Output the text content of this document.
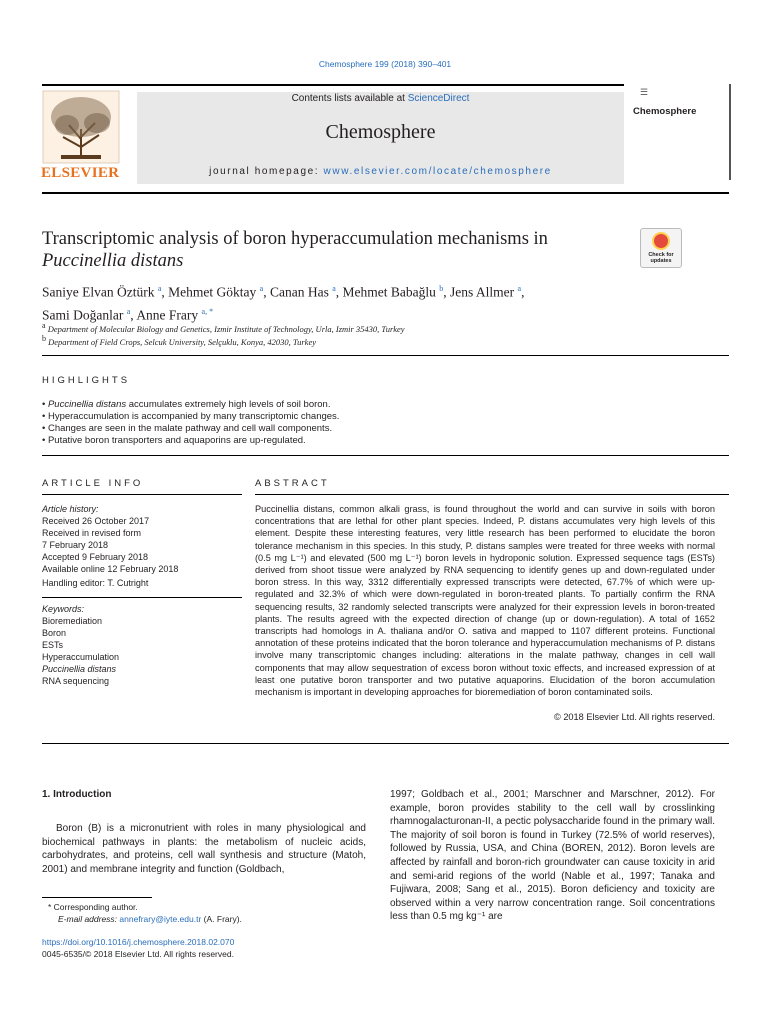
Chemosphere 199 (2018) 390–401
ELSEVIER
Contents lists available at ScienceDirect
Chemosphere
journal homepage: www.elsevier.com/locate/chemosphere
☰
Chemosphere
Transcriptomic analysis of boron hyperaccumulation mechanisms in
Puccinellia distans	Check for updates
Saniye Elvan Öztürk $^a$, Mehmet Göktay $^a$, Canan Has $^a$, Mehmet Babağlu $^b$, Jens Allmer $^a$,
Sami Doğanlar $^a$, Anne Frary $^{a, *}$
$^a$ Department of Molecular Biology and Genetics, Izmir Institute of Technology, Urla, Izmir 35430, Turkey
$^b$ Department of Field Crops, Selcuk University, Selçuklu, Konya, 42030, Turkey
HIGHLIGHTS
• Puccinellia distans accumulates extremely high levels of soil boron.
• Hyperaccumulation is accompanied by many transcriptomic changes.
• Changes are seen in the malate pathway and cell wall components.
• Putative boron transporters and aquaporins are up-regulated.
ARTICLE INFO
Article history:
Received 26 October 2017
Received in revised form
7 February 2018
Accepted 9 February 2018
Available online 12 February 2018
Handling editor: T. Cutright
Keywords:
Bioremediation
Boron
ESTs
Hyperaccumulation
Puccinellia distans
RNA sequencing
ABSTRACT
Puccinellia distans, common alkali grass, is found throughout the world and can survive in soils with boron concentrations that are lethal for other plant species. Indeed, P. distans accumulates very high levels of this element. Despite these interesting features, very little research has been performed to elucidate the boron tolerance mechanism in this species. In this study, P. distans samples were treated for three weeks with normal (0.5 mg L⁻¹) and elevated (500 mg L⁻¹) boron levels in hydroponic solution. Expressed sequence tags (ESTs) derived from shoot tissue were analyzed by RNA sequencing to identify genes up and down-regulated under boron stress. In this way, 3312 differentially expressed transcripts were detected, 67.7% of which were up-regulated and 32.3% of which were down-regulated in boron-treated plants. To partially confirm the RNA sequencing results, 32 randomly selected transcripts were analyzed for their expression levels in boron-treated plants. The results agreed with the expected direction of change (up or down-regulation). A total of 1652 transcripts had homologs in A. thaliana and/or O. sativa and mapped to 1107 different proteins. Functional annotation of these proteins indicated that the boron tolerance and hyperaccumulation mechanisms of P. distans involve many transcriptomic changes including: alterations in the malate pathway, changes in cell wall components that may allow sequestration of excess boron without toxic effects, and increased expression of at least one putative boron transporter and two putative aquaporins. Elucidation of the boron accumulation mechanism is important in developing approaches for bioremediation of boron contaminated soils.
© 2018 Elsevier Ltd. All rights reserved.
1. Introduction
Boron (B) is a micronutrient with roles in many physiological and biochemical pathways in plants: the metabolism of nucleic acids, carbohydrates, and proteins, cell wall synthesis and structure (Matoh, 2001) and membrane integrity and function (Goldbach,
1997; Goldbach et al., 2001; Marschner and Marschner, 2012). For example, boron provides stability to the cell wall by crosslinking rhamnogalacturonan-II, a pectic polysaccharide found in the primary wall. The majority of soil boron is found in Turkey (72.5% of world reserves), followed by Russia, USA, and China (BOREN, 2012). Boron levels are affected by rainfall and boron-rich groundwater can cause toxicity in arid and semi-arid regions of the world (Nable et al., 1997; Tanaka and Fujiwara, 2008; Sang et al., 2015). Boron deficiency and toxicity are observed within a very narrow concentration range. Soil concentrations less than 0.5 mg kg⁻¹ are
* Corresponding author.
E-mail address: annefrary@iyte.edu.tr (A. Frary).
https://doi.org/10.1016/j.chemosphere.2018.02.070
0045-6535/© 2018 Elsevier Ltd. All rights reserved.
